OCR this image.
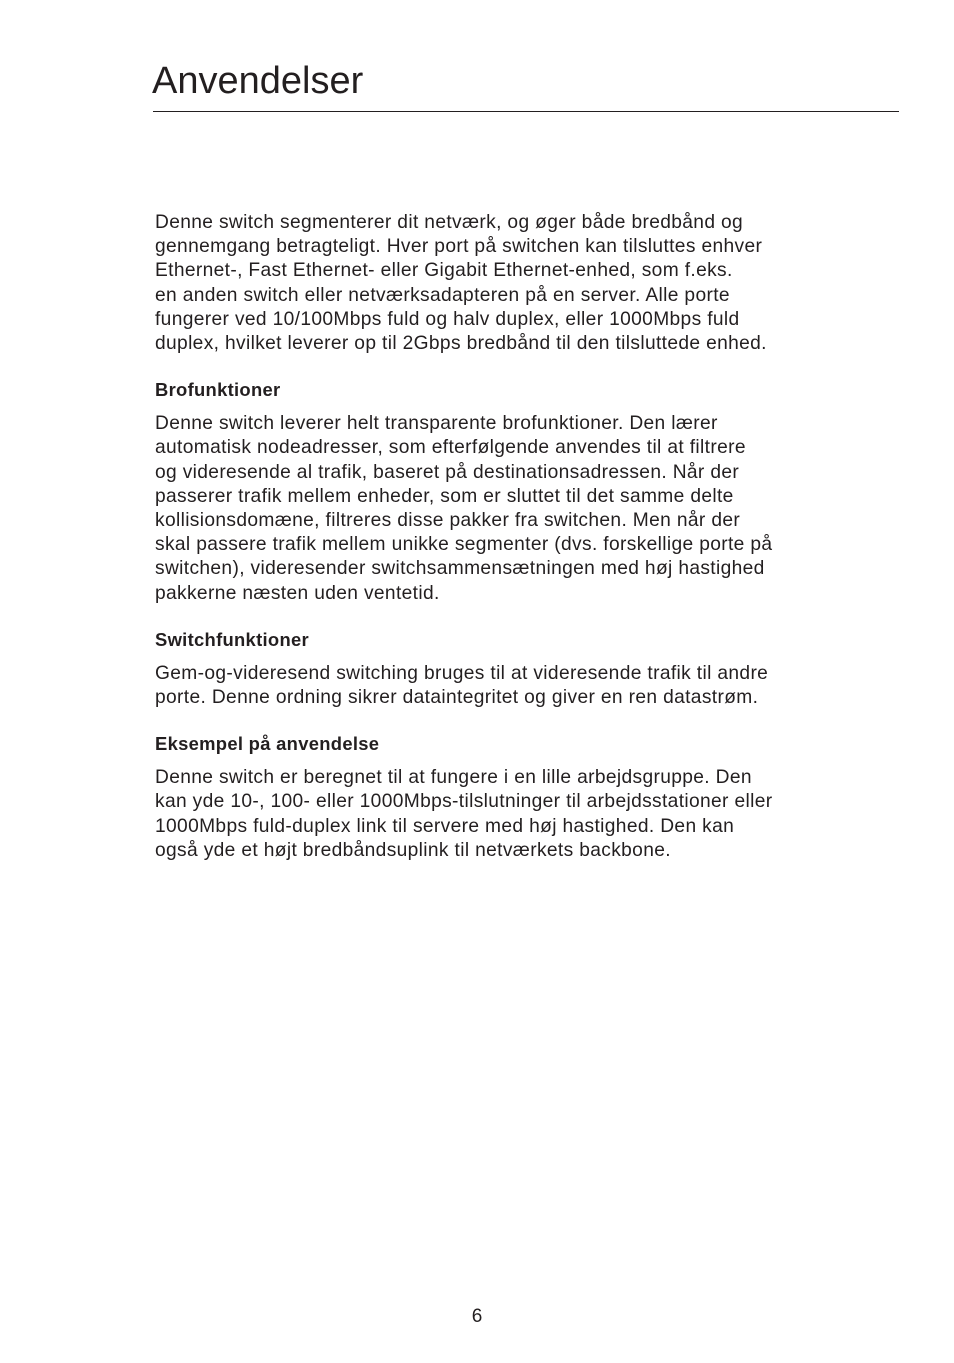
Anvendelser

Denne switch segmenterer dit netværk, og øger både bredbånd og
gennemgang betragteligt. Hver port på switchen kan tilsluttes enhver
Ethernet-, Fast Ethernet- eller Gigabit Ethernet-enhed, som f.eks.
en anden switch eller netværksadapteren på en server. Alle porte
fungerer ved 10/100Mbps fuld og halv duplex, eller 1000Mbps fuld
duplex, hvilket leverer op til 2Gbps bredbånd til den tilsluttede enhed.

Brofunktioner

Denne switch leverer helt transparente brofunktioner. Den lærer
automatisk nodeadresser, som efterfølgende anvendes til at filtrere
og videresende al trafik, baseret på destinationsadressen. Når der
passerer trafik mellem enheder, som er sluttet til det samme delte
kollisionsdomæne, filtreres disse pakker fra switchen. Men når der
skal passere trafik mellem unikke segmenter (dvs. forskellige porte på
switchen), videresender switchsammensætningen med høj hastighed
pakkerne næsten uden ventetid.

Switchfunktioner

Gem-og-videresend switching bruges til at videresende trafik til andre
porte. Denne ordning sikrer dataintegritet og giver en ren datastrøm.

Eksempel på anvendelse

Denne switch er beregnet til at fungere i en lille arbejdsgruppe. Den
kan yde 10-, 100- eller 1000Mbps-tilslutninger til arbejdsstationer eller
1000Mbps fuld-duplex link til servere med høj hastighed. Den kan
også yde et højt bredbåndsuplink til netværkets backbone.

6
